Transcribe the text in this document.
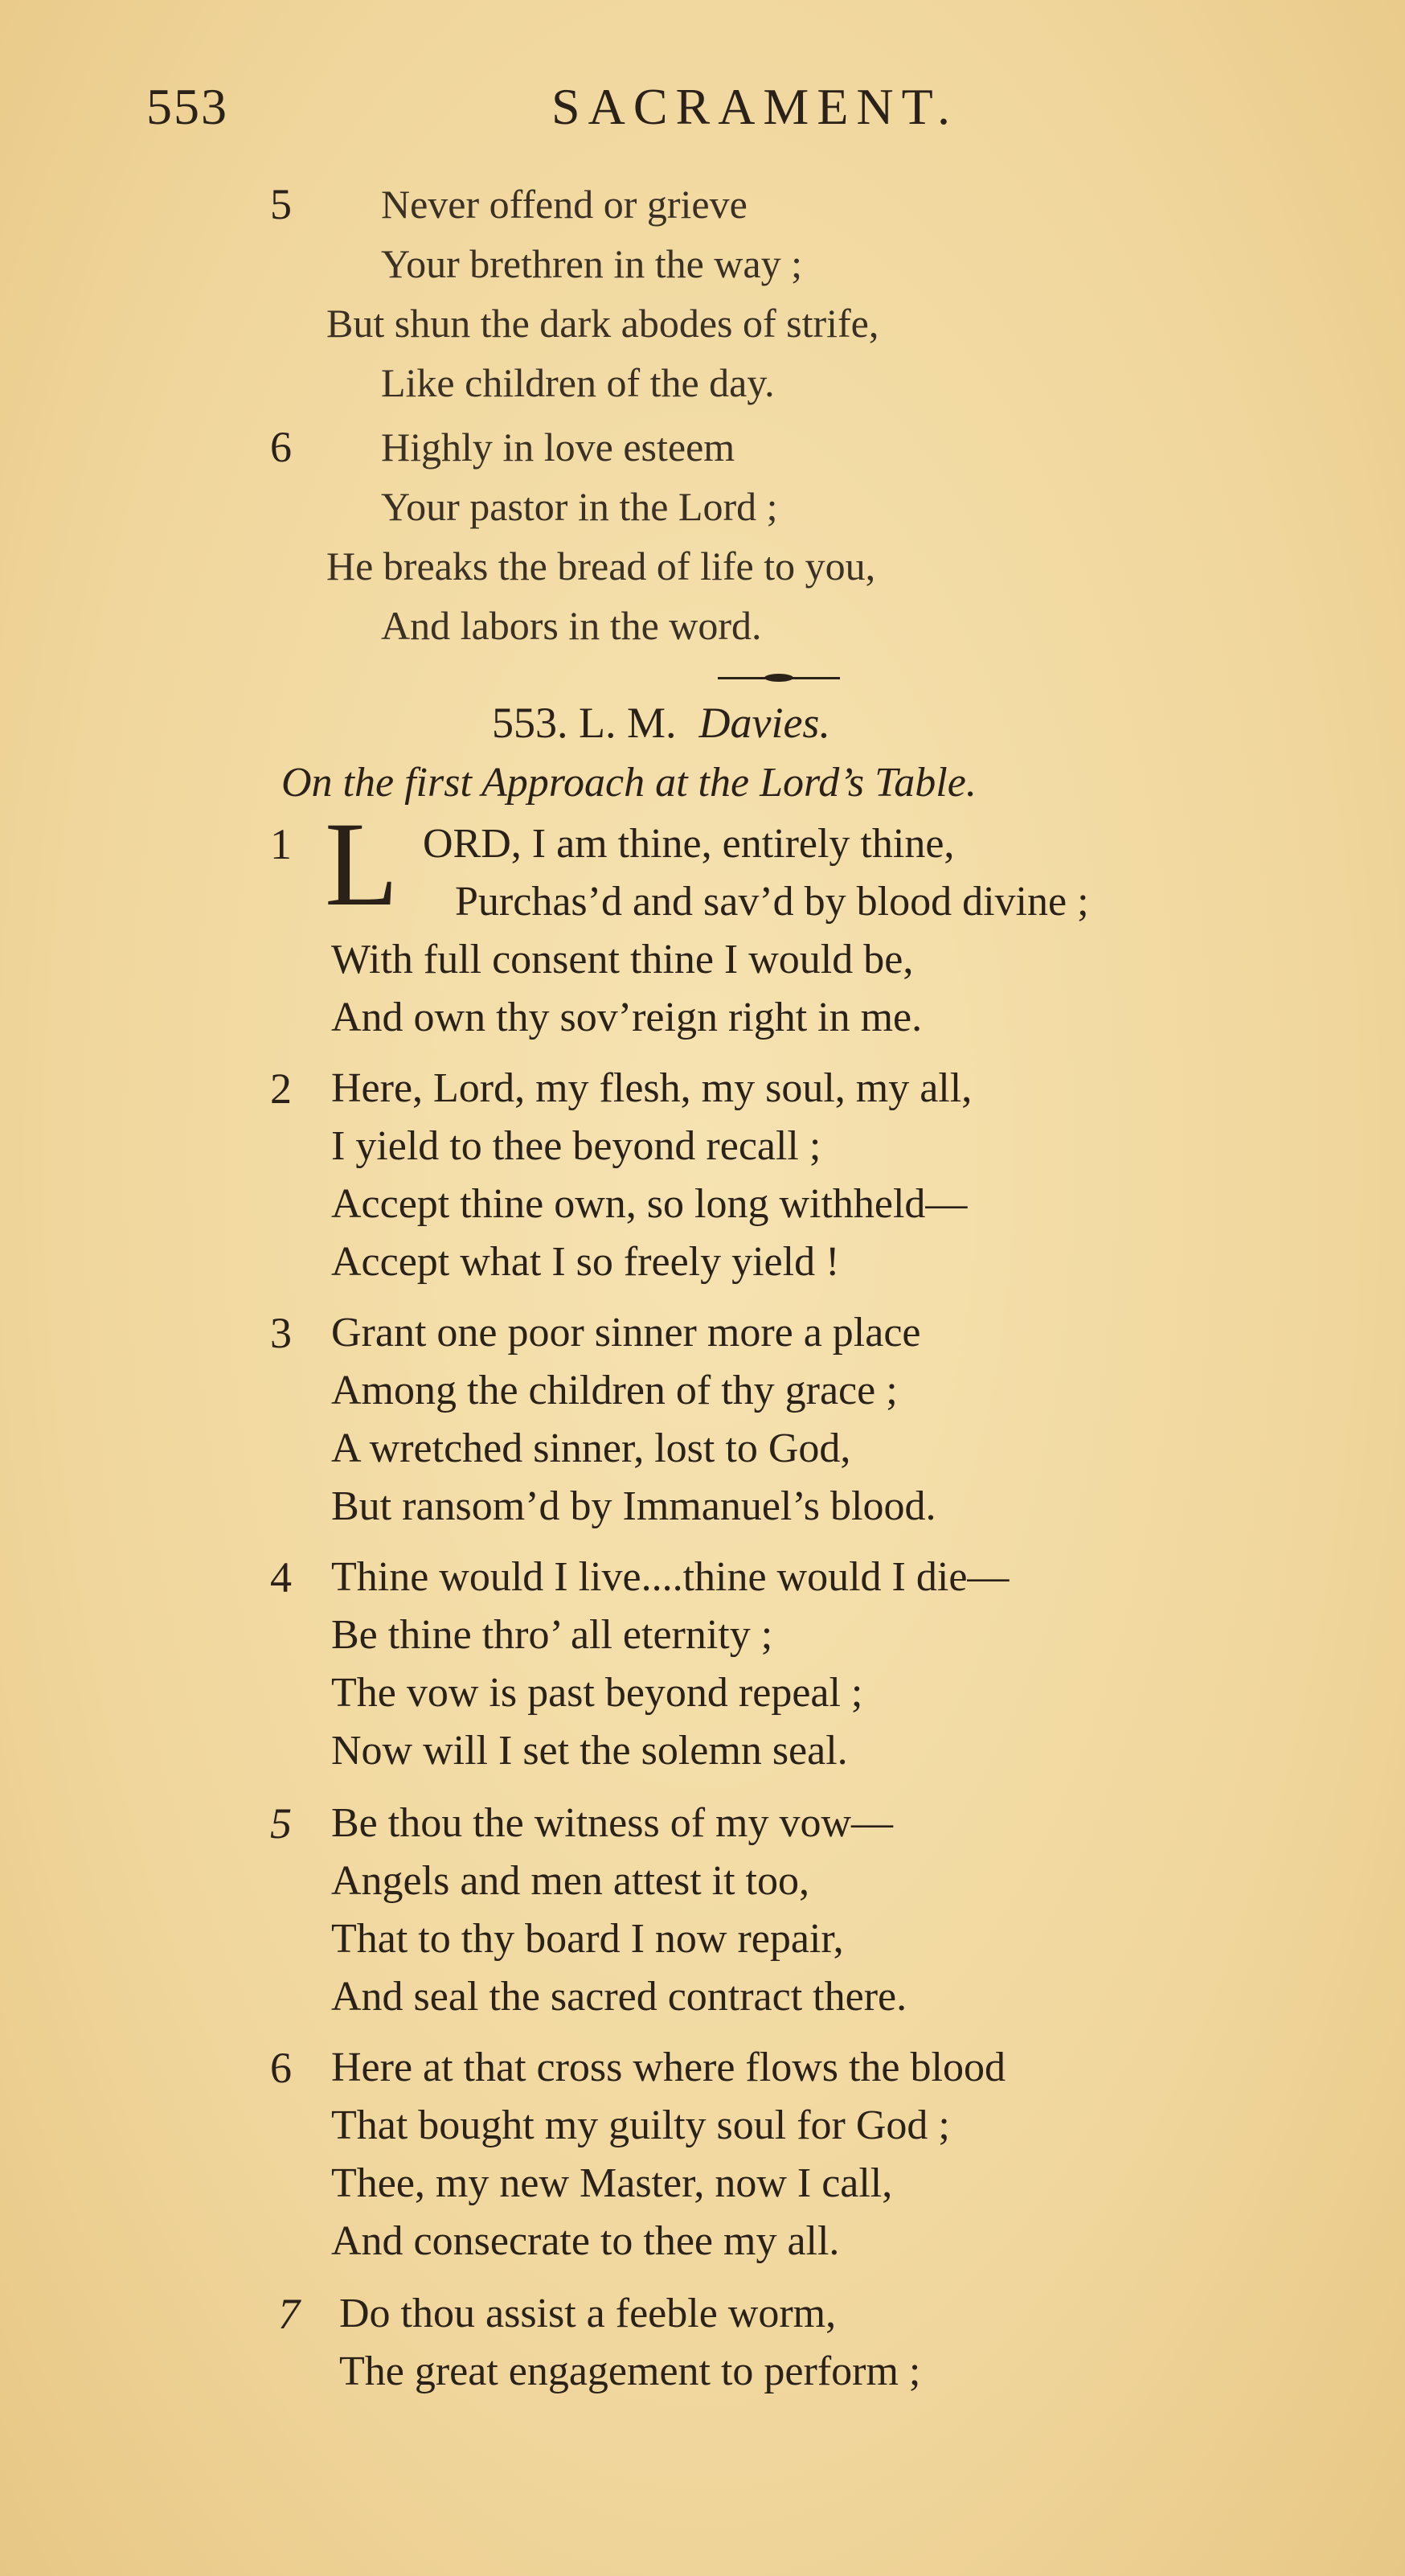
553	SACRAMENT.
5 Never offend or grieve
Your brethren in the way ;
But shun the dark abodes of strife,
Like children of the day.
6 Highly in love esteem
Your pastor in the Lord ;
He breaks the bread of life to you,
And labors in the word.
553. L. M. Davies.
On the first Approach at the Lord’s Table.
1 L ORD, I am thine, entirely thine,
Purchas’d and sav’d by blood divine ;
With full consent thine I would be,
And own thy sov’reign right in me.
2 Here, Lord, my flesh, my soul, my all,
I yield to thee beyond recall ;
Accept thine own, so long withheld—
Accept what I so freely yield !
3 Grant one poor sinner more a place
Among the children of thy grace ;
A wretched sinner, lost to God,
But ransom’d by Immanuel’s blood.
4 Thine would I live....thine would I die—
Be thine thro’ all eternity ;
The vow is past beyond repeal ;
Now will I set the solemn seal.
5 Be thou the witness of my vow—
Angels and men attest it too,
That to thy board I now repair,
And seal the sacred contract there.
6 Here at that cross where flows the blood
That bought my guilty soul for God ;
Thee, my new Master, now I call,
And consecrate to thee my all.
7 Do thou assist a feeble worm,
The great engagement to perform ;
